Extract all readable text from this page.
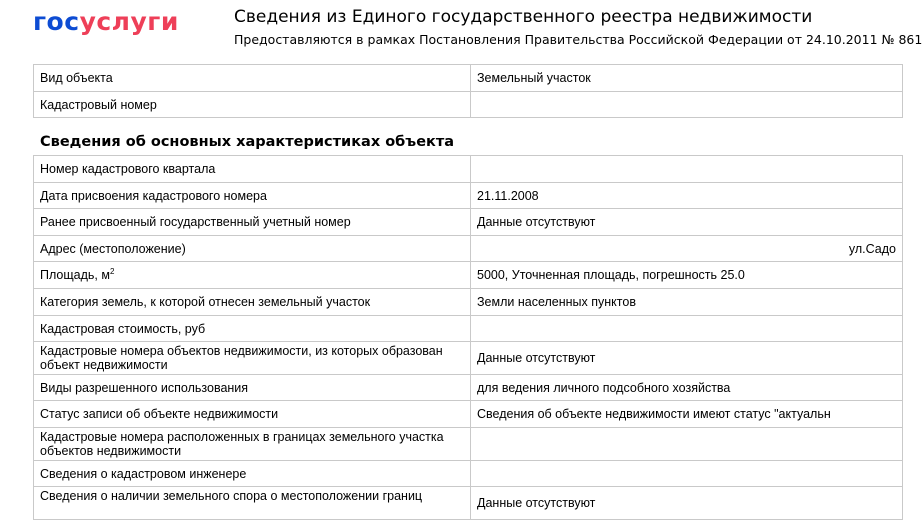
госуслуги	Сведения из Единого государственного реестра недвижимости
Предоставляются в рамках Постановления Правительства Российской Федерации от 24.10.2011 № 861
Вид объекта	Земельный участок
Кадастровый номер	
Сведения об основных характеристиках объекта
Номер кадастрового квартала	
Дата присвоения кадастрового номера	21.11.2008
Ранее присвоенный государственный учетный номер	Данные отсутствуют
Адрес (местоположение)	ул.Садо
Площадь, $м^2$	5000, Уточненная площадь, погрешность 25.0
Категория земель, к которой отнесен земельный участок	Земли населенных пунктов
Кадастровая стоимость, руб	
Кадастровые номера объектов недвижимости, из которых образован объект недвижимости	Данные отсутствуют
Виды разрешенного использования	для ведения личного подсобного хозяйства
Статус записи об объекте недвижимости	Сведения об объекте недвижимости имеют статус "актуальн
Кадастровые номера расположенных в границах земельного участка объектов недвижимости	
Сведения о кадастровом инженере	
Сведения о наличии земельного спора о местоположении границ	Данные отсутствуют
